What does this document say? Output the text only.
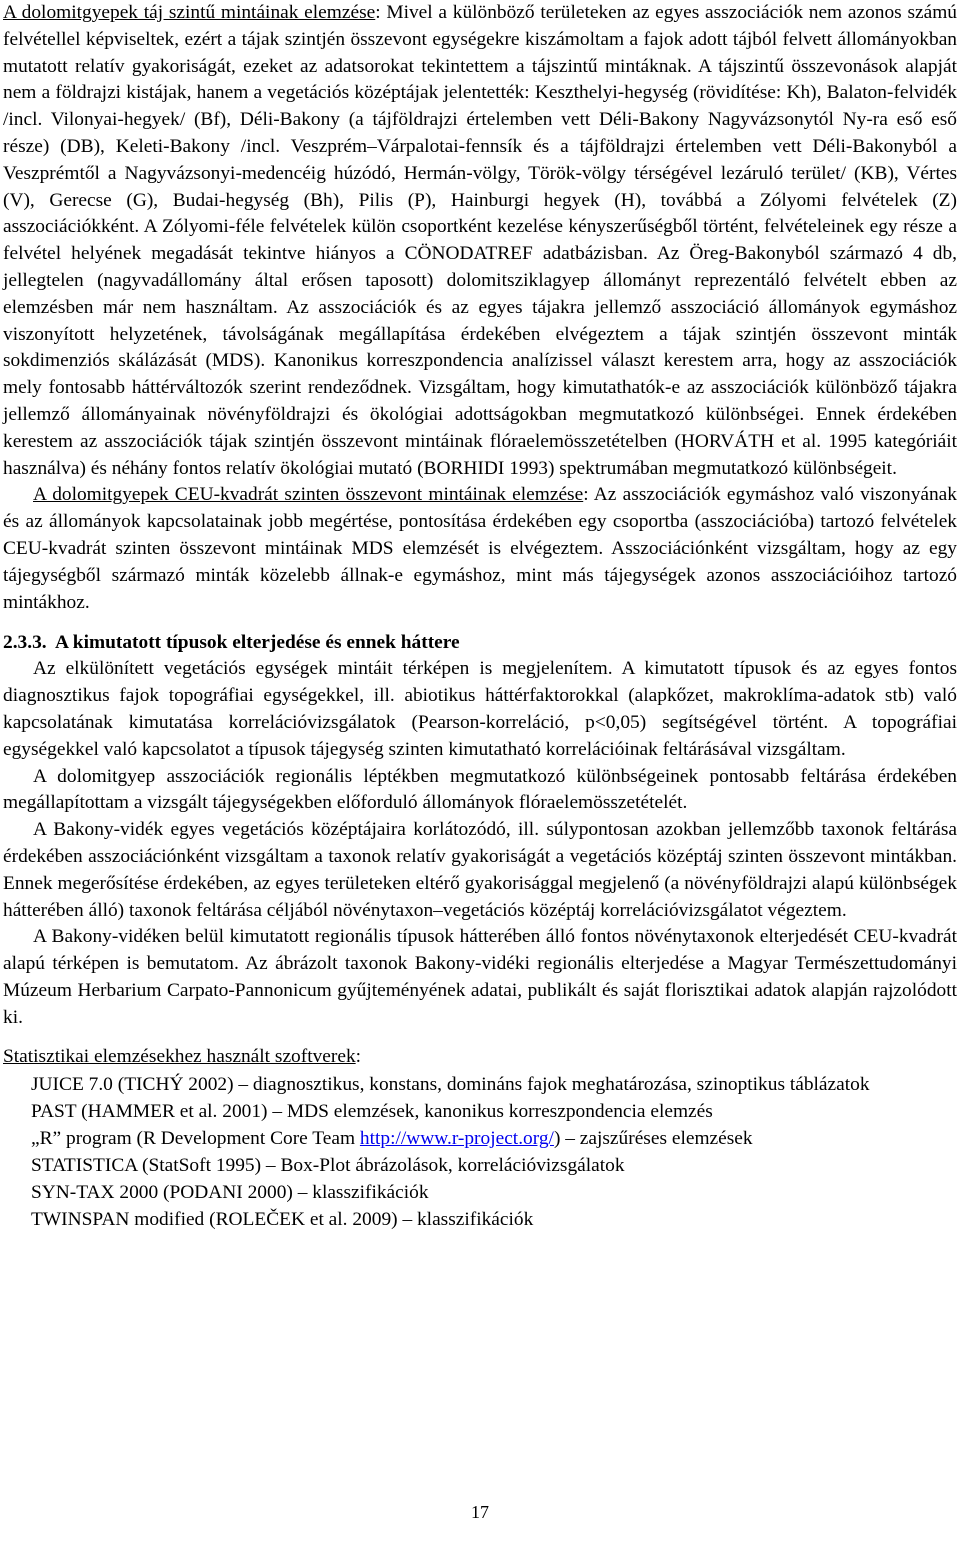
A dolomitgyepek táj szintű mintáinak elemzése: Mivel a különböző területeken az egyes asszociációk nem azonos számú felvétellel képviseltek, ezért a tájak szintjén összevont egységekre kiszámoltam a fajok adott tájból felvett állományokban mutatott relatív gyakoriságát, ezeket az adatsorokat tekintettem a tájszintű mintáknak. A tájszintű összevonások alapját nem a földrajzi kistájak, hanem a vegetációs középtájak jelentették: Keszthelyi-hegység (rövidítése: Kh), Balaton-felvidék /incl. Vilonyai-hegyek/ (Bf), Déli-Bakony (a tájföldrajzi értelemben vett Déli-Bakony Nagyvázsonytól Ny-ra eső eső része) (DB), Keleti-Bakony /incl. Veszprém–Várpalotai-fennsík és a tájföldrajzi értelemben vett Déli-Bakonyból a Veszprémtől a Nagyvázsonyi-medencéig húzódó, Hermán-völgy, Török-völgy térségével lezáruló terület/ (KB), Vértes (V), Gerecse (G), Budai-hegység (Bh), Pilis (P), Hainburgi hegyek (H), továbbá a Zólyomi felvételek (Z) asszociációkként. A Zólyomi-féle felvételek külön csoportként kezelése kényszerűségből történt, felvételeinek egy része a felvétel helyének megadását tekintve hiányos a CÖNODATREF adatbázisban. Az Öreg-Bakonyból származó 4 db, jellegtelen (nagyvadállomány által erősen taposott) dolomitsziklagyep állományt reprezentáló felvételt ebben az elemzésben már nem használtam. Az asszociációk és az egyes tájakra jellemző asszociáció állományok egymáshoz viszonyított helyzetének, távolságának megállapítása érdekében elvégeztem a tájak szintjén összevont minták sokdimenziós skálázását (MDS). Kanonikus korreszpondencia analízissel választ kerestem arra, hogy az asszociációk mely fontosabb háttérváltozók szerint rendeződnek. Vizsgáltam, hogy kimutathatók-e az asszociációk különböző tájakra jellemző állományainak növényföldrajzi és ökológiai adottságokban megmutatkozó különbségei. Ennek érdekében kerestem az asszociációk tájak szintjén összevont mintáinak flóraelemösszetételben (HORVÁTH et al. 1995 kategóriáit használva) és néhány fontos relatív ökológiai mutató (BORHIDI 1993) spektrumában megmutatkozó különbségeit.

A dolomitgyepek CEU-kvadrát szinten összevont mintáinak elemzése: Az asszociációk egymáshoz való viszonyának és az állományok kapcsolatainak jobb megértése, pontosítása érdekében egy csoportba (asszociációba) tartozó felvételek CEU-kvadrát szinten összevont mintáinak MDS elemzését is elvégeztem. Asszociációnként vizsgáltam, hogy az egy tájegységből származó minták közelebb állnak-e egymáshoz, mint más tájegységek azonos asszociációihoz tartozó mintákhoz.

2.3.3. A kimutatott típusok elterjedése és ennek háttere

Az elkülönített vegetációs egységek mintáit térképen is megjelenítem. A kimutatott típusok és az egyes fontos diagnosztikus fajok topográfiai egységekkel, ill. abiotikus háttérfaktorokkal (alapkőzet, makroklíma-adatok stb) való kapcsolatának kimutatása korrelációvizsgálatok (Pearson-korreláció, p<0,05) segítségével történt. A topográfiai egységekkel való kapcsolatot a típusok tájegység szinten kimutatható korrelációinak feltárásával vizsgáltam.

A dolomitgyep asszociációk regionális léptékben megmutatkozó különbségeinek pontosabb feltárása érdekében megállapítottam a vizsgált tájegységekben előforduló állományok flóraelemösszetételét.

A Bakony-vidék egyes vegetációs középtájaira korlátozódó, ill. súlypontosan azokban jellemzőbb taxonok feltárása érdekében asszociációnként vizsgáltam a taxonok relatív gyakoriságát a vegetációs középtáj szinten összevont mintákban. Ennek megerősítése érdekében, az egyes területeken eltérő gyakorisággal megjelenő (a növényföldrajzi alapú különbségek hátterében álló) taxonok feltárása céljából növénytaxon–vegetációs középtáj korrelációvizsgálatot végeztem.

A Bakony-vidéken belül kimutatott regionális típusok hátterében álló fontos növénytaxonok elterjedését CEU-kvadrát alapú térképen is bemutatom. Az ábrázolt taxonok Bakony-vidéki regionális elterjedése a Magyar Természettudományi Múzeum Herbarium Carpato-Pannonicum gyűjteményének adatai, publikált és saját florisztikai adatok alapján rajzolódott ki.

Statisztikai elemzésekhez használt szoftverek:

JUICE 7.0 (TICHÝ 2002) – diagnosztikus, konstans, domináns fajok meghatározása, szinoptikus táblázatok
PAST (HAMMER et al. 2001) – MDS elemzések, kanonikus korreszpondencia elemzés
„R” program (R Development Core Team http://www.r-project.org/) – zajszűréses elemzések
STATISTICA (StatSoft 1995) – Box-Plot ábrázolások, korrelációvizsgálatok
SYN-TAX 2000 (PODANI 2000) – klasszifikációk
TWINSPAN modified (ROLEČEK et al. 2009) – klasszifikációk
17
